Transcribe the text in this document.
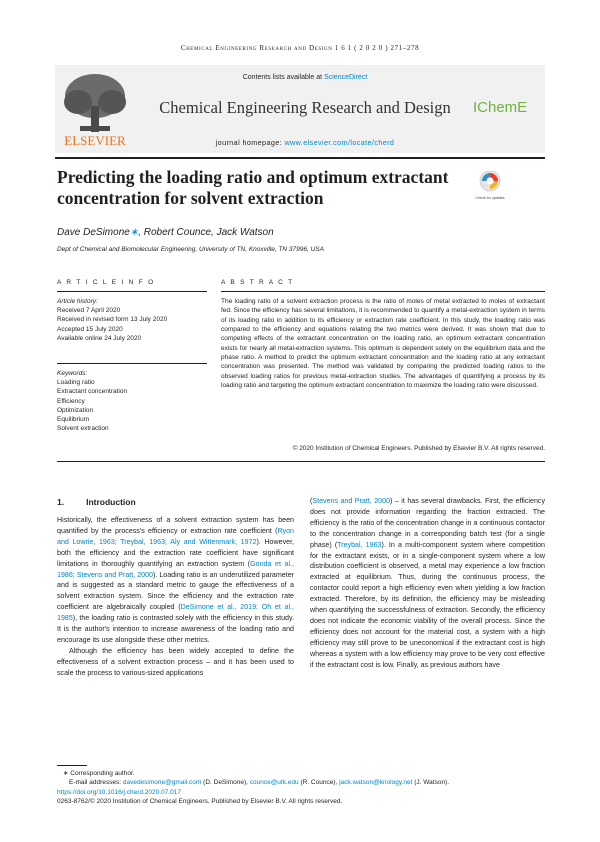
Chemical Engineering Research and Design 1 6 1 ( 2 0 2 0 ) 271–278
ELSEVIER
Contents lists available at ScienceDirect
Chemical Engineering Research and Design
journal homepage: www.elsevier.com/locate/cherd
IChemE
Predicting the loading ratio and optimum extractant concentration for solvent extraction	Check for updates
Dave DeSimone∗, Robert Counce, Jack Watson
Dept of Chemical and Biomolecular Engineering, University of TN, Knoxville, TN 37996, USA
A R T I C L E I N F O	A B S T R A C T
Article history:
Received 7 April 2020
Received in revised form 13 July 2020
Accepted 15 July 2020
Available online 24 July 2020
Keywords:
Loading ratio
Extractant concentration
Efficiency
Optimization
Equilibrium
Solvent extraction
The loading ratio of a solvent extraction process is the ratio of moles of metal extracted to moles of extractant fed. Since the efficiency has several limitations, it is recommended to quantify a metal-extraction system in terms of its loading ratio in addition to its efficiency or extraction rate coefficient. In this study, the loading ratio was compared to the efficiency and equations relating the two metrics were derived. It was shown that due to competing effects of the extractant concentration on the loading ratio, an optimum extractant concentration exists for nearly all metal-extraction systems. This optimum is dependent solely on the equilibrium data and the phase ratio. A method to predict the optimum extractant concentration and the loading ratio at any extractant concentration was presented. The method was validated by comparing the predicted loading ratios to the observed loading ratios for previous metal-extraction studies. The advantages of quantifying a process by its loading ratio and targeting the optimum extractant concentration to maximize the loading ratio were discussed.
© 2020 Institution of Chemical Engineers. Published by Elsevier B.V. All rights reserved.
1.	Introduction

Historically, the effectiveness of a solvent extraction system has been quantified by the process's efficiency or extraction rate coefficient (Ryon and Lowrie, 1963; Treybal, 1963; Aly and Wittenmark, 1972). However, both the efficiency and the extraction rate coefficient have significant limitations in thoroughly quantifying an extraction system (Gonda et al., 1986; Stevens and Pratt, 2000). Loading ratio is an underutilized parameter and is suggested as a standard metric to gauge the effectiveness of a solvent extraction system. Since the efficiency and the extraction rate coefficient are algebraically coupled (DeSimone et al., 2019; Oh et al., 1985), the loading ratio is contrasted solely with the efficiency in this study. It is the author's intention to increase awareness of the loading ratio and encourage its use alongside these other metrics.

Although the efficiency has been widely accepted to define the effectiveness of a solvent extraction process – and it has been used to scale the process to various-sized applications

(Stevens and Pratt, 2000) – it has several drawbacks. First, the efficiency does not provide information regarding the fraction extracted. The efficiency is the ratio of the concentration change in a continuous contactor to the concentration change in a corresponding batch test (for a single phase) (Treybal, 1963). In a multi-component system where competition for the extractant exists, or in a single-component system where a low distribution coefficient is observed, a metal may experience a low fraction extracted at equilibrium. Thus, during the continuous process, the contactor could report a high efficiency even when yielding a low fraction extracted. Therefore, by its definition, the efficiency may be misleading when quantifying the successfulness of extraction. Secondly, the efficiency does not indicate the economic viability of the overall process. Since the efficiency does not account for the material cost, a system with a high efficiency may still prove to be uneconomical if the extractant cost is high whereas a system with a low efficiency may prove to be very cost effective if the extractant cost is low. Finally, as previous authors have

∗ Corresponding author.
E-mail addresses: davedesimone@gmail.com (D. DeSimone), counce@utk.edu (R. Counce), jack.watson@knology.net (J. Watson).
https://doi.org/10.1016/j.cherd.2020.07.017
0263-8762/© 2020 Institution of Chemical Engineers. Published by Elsevier B.V. All rights reserved.
